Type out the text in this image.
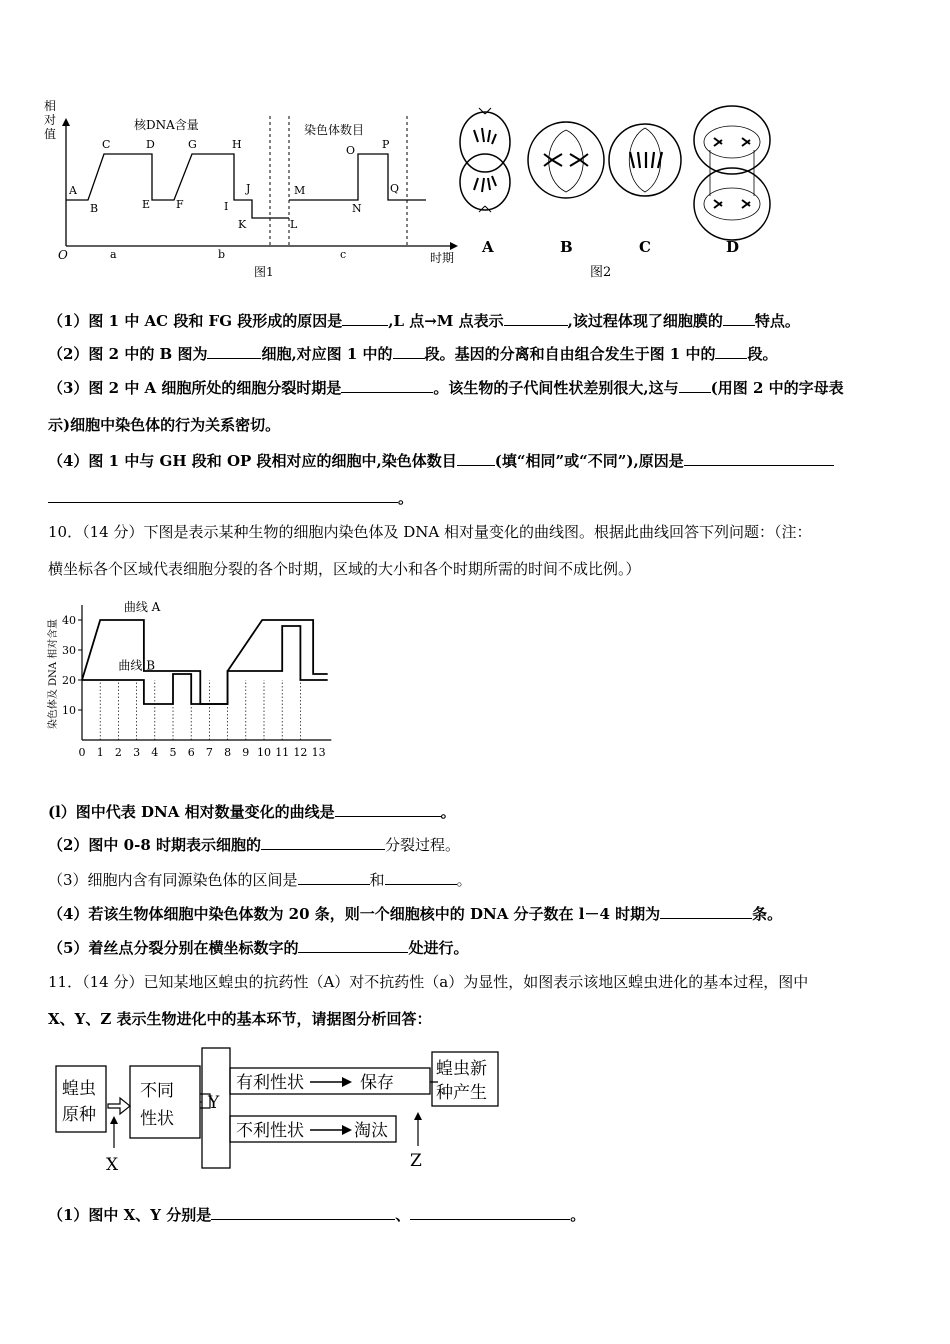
相
对
值
核DNA含量	染色体数目
A
B
C	D
E F
G	H
I
J
K	L
M
N
O P
Q
O	a	b	c	时期
图1
A	B	C	D
图2
（1）图 1 中 AC 段和 FG 段形成的原因是	,L 点→M 点表示	,该过程体现了细胞膜的 特点。
（2）图 2 中的 B 图为	细胞,对应图 1 中的 段。基因的分离和自由组合发生于图 1 中的 段。
（3）图 2 中 A 细胞所处的细胞分裂时期是	。该生物的子代间性状差别很大,这与 (用图 2 中的字母表
示)细胞中染色体的行为关系密切。
（4）图 1 中与 GH 段和 OP 段相对应的细胞中,染色体数目	(填“相同”或“不同”),原因是
。
10．（14 分）下图是表示某种生物的细胞内染色体及 DNA 相对量变化的曲线图。根据此曲线回答下列问题：（注：
横坐标各个区域代表细胞分裂的各个时期，区域的大小和各个时期所需的时间不成比例。）
10
20
30
40
0 1 2 3 4 5 6 7 8 9 10 11 12 13
曲线 A
曲线 B
染色体及 DNA 相对含量
(l）图中代表 DNA 相对数量变化的曲线是	。
（2）图中 0-8 时期表示细胞的	分裂过程。
（3）细胞内含有同源染色体的区间是	和	。
（4）若该生物体细胞中染色体数为 20 条，则一个细胞核中的 DNA 分子数在 l－4 时期为	条。
（5）着丝点分裂分别在横坐标数字的	处进行。
11．（14 分）已知某地区蝗虫的抗药性（A）对不抗药性（a）为显性，如图表示该地区蝗虫进化的基本过程，图中
X、Y、Z 表示生物进化中的基本环节，请据图分析回答：
蝗虫
原种
不同
性状
Y
有利性状	保存
蝗虫新
种产生
不利性状	淘汰
X	Z
（1）图中 X、Y 分别是	、	。
